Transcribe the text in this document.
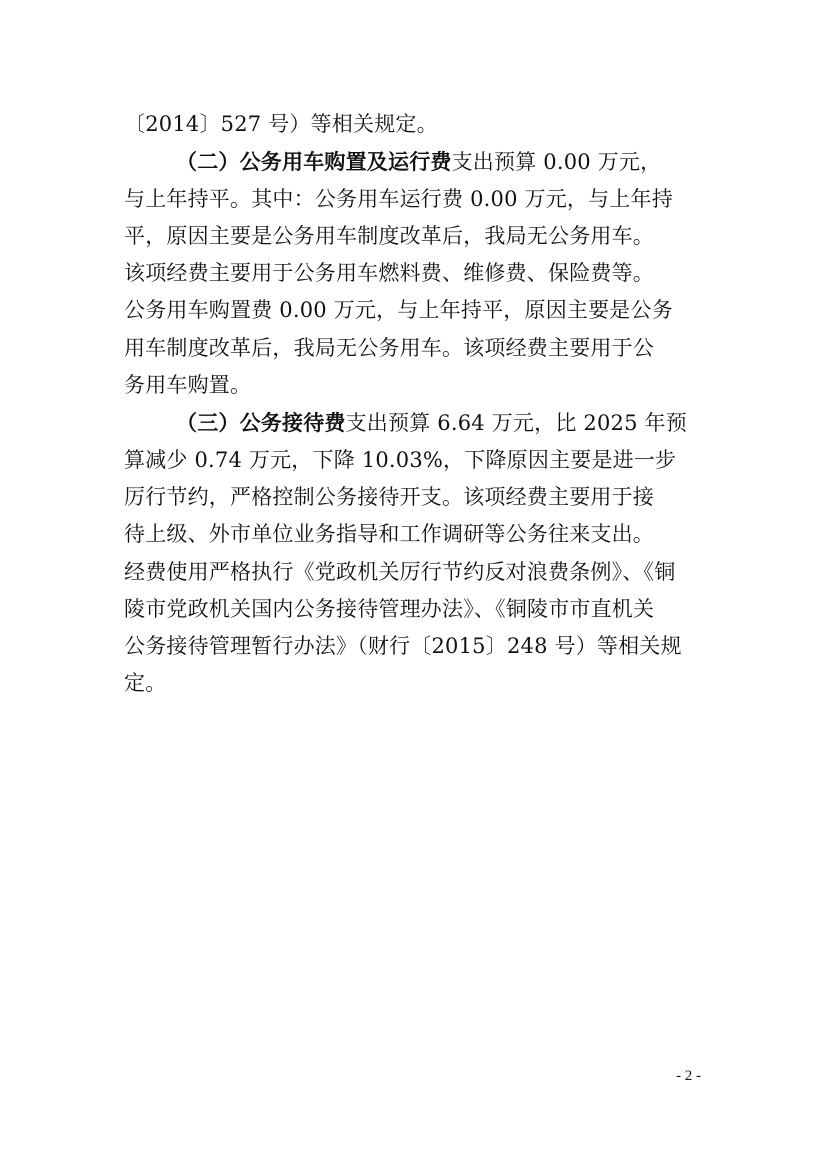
〔2014〕527 号）等相关规定。
（二）公务用车购置及运行费支出预算 0.00 万元，
与上年持平。其中：公务用车运行费 0.00 万元，与上年持
平，原因主要是公务用车制度改革后，我局无公务用车。
该项经费主要用于公务用车燃料费、维修费、保险费等。
公务用车购置费 0.00 万元，与上年持平，原因主要是公务
用车制度改革后，我局无公务用车。该项经费主要用于公
务用车购置。
（三）公务接待费支出预算 6.64 万元，比 2025 年预
算减少 0.74 万元，下降 10.03%，下降原因主要是进一步
厉行节约，严格控制公务接待开支。该项经费主要用于接
待上级、外市单位业务指导和工作调研等公务往来支出。
经费使用严格执行《党政机关厉行节约反对浪费条例》、《铜
陵市党政机关国内公务接待管理办法》、《铜陵市市直机关
公务接待管理暂行办法》（财行〔2015〕248 号）等相关规
定。
- 2 -
